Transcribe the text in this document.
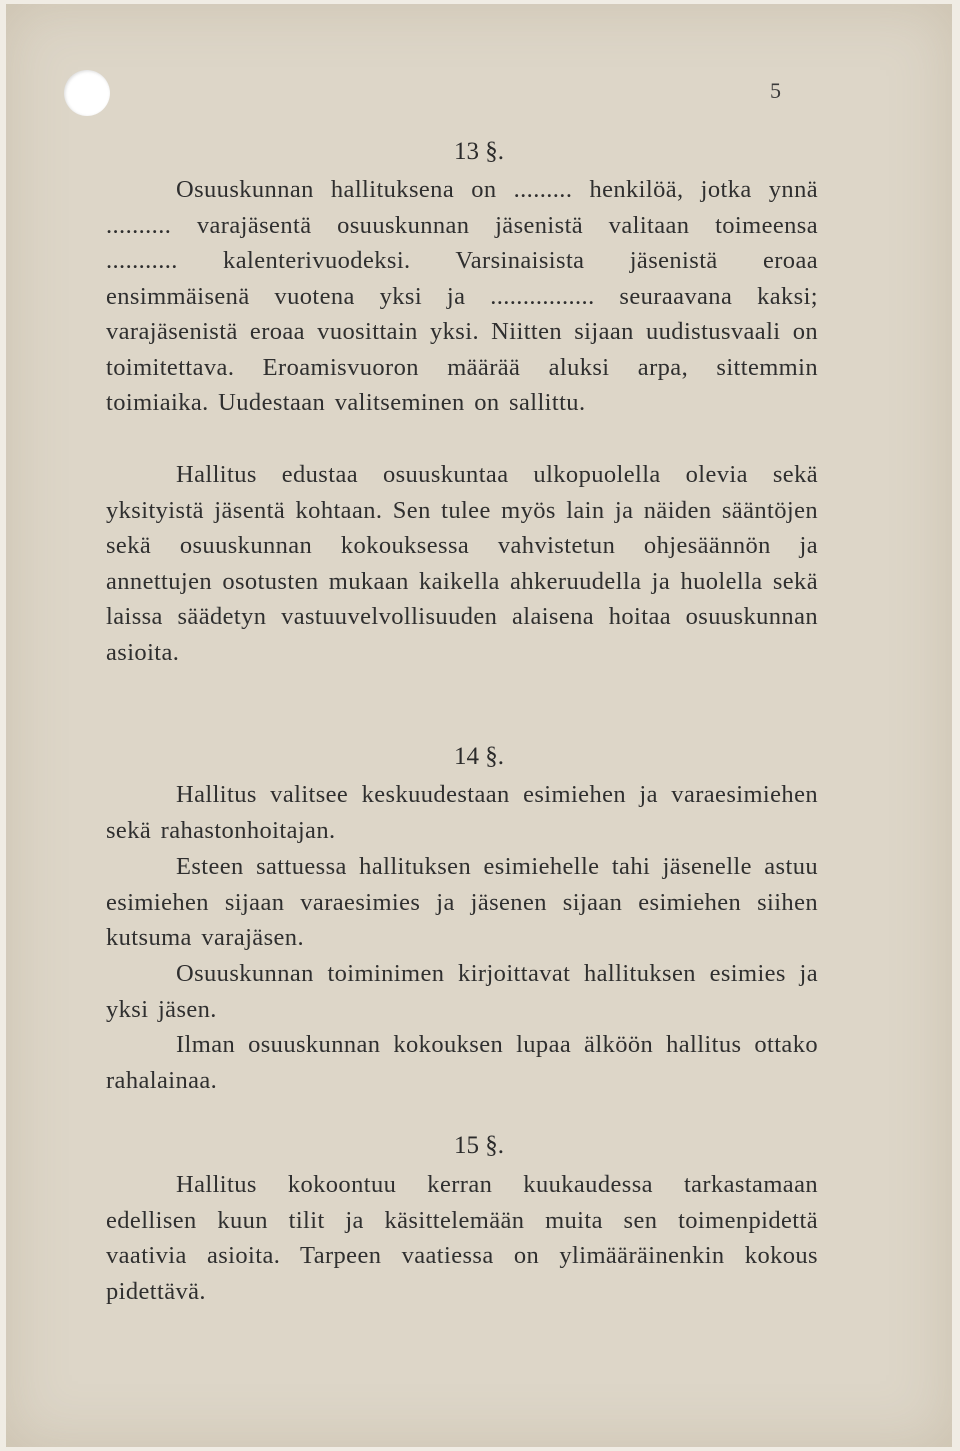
5
13 §.

Osuuskunnan hallituksena on ......... henkilöä, jotka ynnä .......... varajäsentä osuuskunnan jäsenistä valitaan toimeensa ........... kalenterivuodeksi. Varsinaisista jäsenistä eroaa ensimmäisenä vuotena yksi ja ................ seuraavana kaksi; varajäsenistä eroaa vuosittain yksi. Niitten sijaan uudistusvaali on toimitettava. Eroamisvuoron määrää aluksi arpa, sittemmin toimiaika. Uudestaan valitseminen on sallittu.

Hallitus edustaa osuuskuntaa ulkopuolella olevia sekä yksityistä jäsentä kohtaan. Sen tulee myös lain ja näiden sääntöjen sekä osuuskunnan kokouksessa vahvistetun ohjesäännön ja annettujen osotusten mukaan kaikella ahkeruudella ja huolella sekä laissa säädetyn vastuuvelvollisuuden alaisena hoitaa osuuskunnan asioita.

14 §.

Hallitus valitsee keskuudestaan esimiehen ja varaesimiehen sekä rahastonhoitajan.

Esteen sattuessa hallituksen esimiehelle tahi jäsenelle astuu esimiehen sijaan varaesimies ja jäsenen sijaan esimiehen siihen kutsuma varajäsen.

Osuuskunnan toiminimen kirjoittavat hallituksen esimies ja yksi jäsen.

Ilman osuuskunnan kokouksen lupaa älköön hallitus ottako rahalainaa.

15 §.

Hallitus kokoontuu kerran kuukaudessa tarkastamaan edellisen kuun tilit ja käsittelemään muita sen toimenpidettä vaativia asioita. Tarpeen vaatiessa on ylimääräinenkin kokous pidettävä.
